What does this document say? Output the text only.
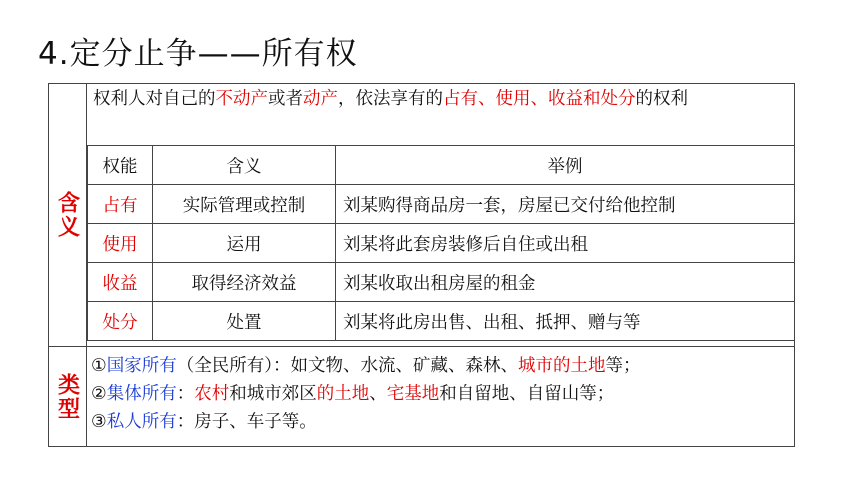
4.定分止争——所有权
含义
类型
权利人对自己的不动产或者动产，依法享有的占有、使用、收益和处分的权利
权能	含义	举例
占有	实际管理或控制	刘某购得商品房一套，房屋已交付给他控制
使用	运用	刘某将此套房装修后自住或出租
收益	取得经济效益	刘某收取出租房屋的租金
处分	处置	刘某将此房出售、出租、抵押、赠与等
①国家所有（全民所有）：如文物、水流、矿藏、森林、城市的土地等；
②集体所有：农村和城市郊区的土地、宅基地和自留地、自留山等；
③私人所有：房子、车子等。
